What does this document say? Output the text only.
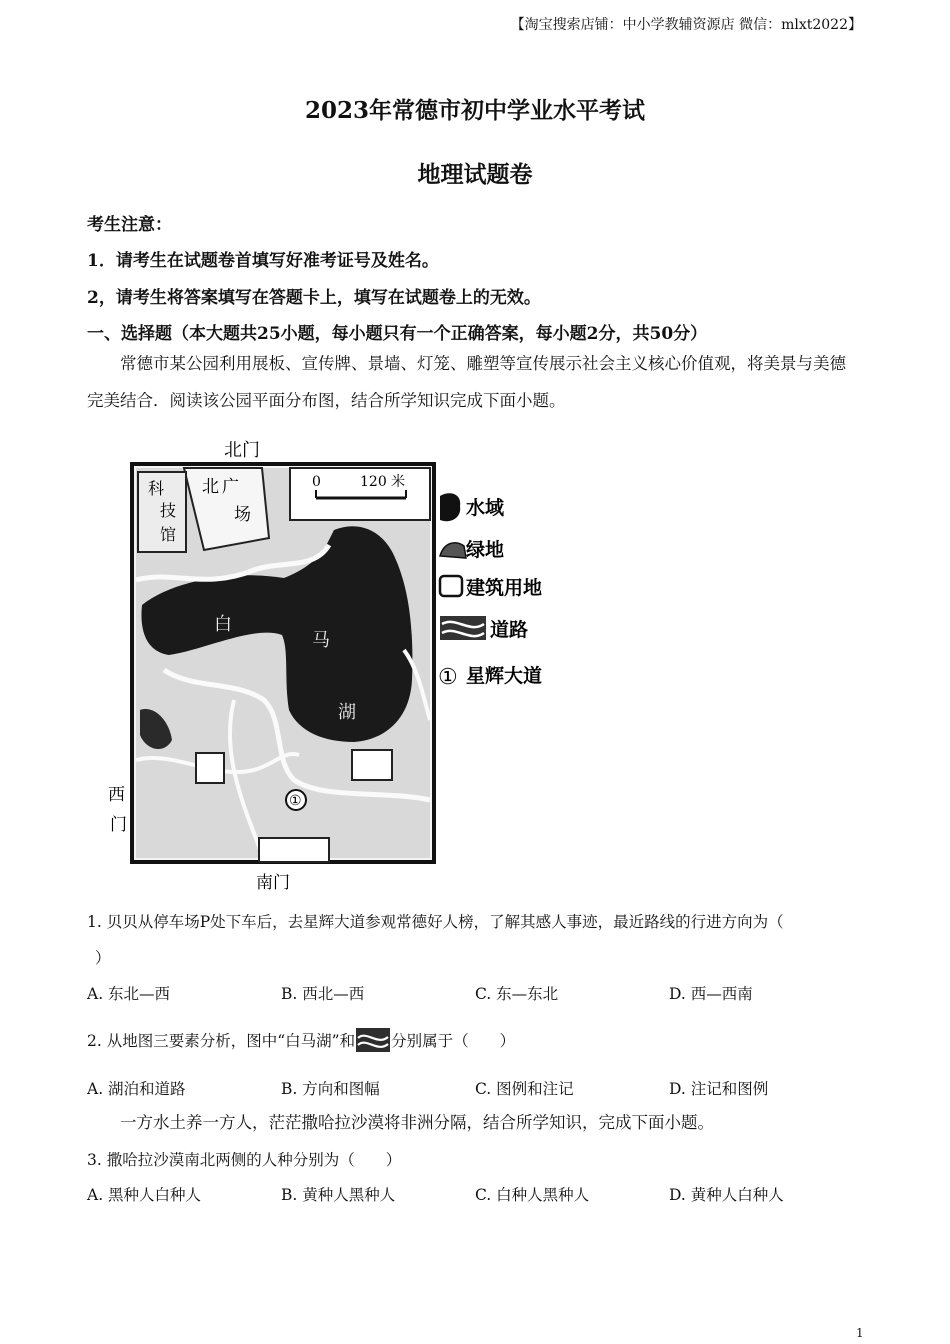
【淘宝搜索店铺：中小学教辅资源店 微信：mlxt2022】
2023年常德市初中学业水平考试
地理试题卷
考生注意：
1．请考生在试题卷首填写好准考证号及姓名。
2，请考生将答案填写在答题卡上，填写在试题卷上的无效。
一、选择题（本大题共25小题，每小题只有一个正确答案，每小题2分，共50分）
常德市某公园利用展板、宣传牌、景墙、灯笼、雕塑等宣传展示社会主义核心价值观，将美景与美德完美结合．阅读该公园平面分布图，结合所学知识完成下面小题。
北门
北 广
场
科
技
馆
白
马
湖
西
门
南门
0	120 米
①
水域
绿地
建筑用地
道路
① 星辉大道
1. 贝贝从停车场P处下车后，去星辉大道参观常德好人榜，了解其感人事迹，最近路线的行进方向为（
）
A. 东北—西	B. 西北—西	C. 东—东北	D. 西—西南
2. 从地图三要素分析，图中“白马湖”和 分别属于（　　）
A. 湖泊和道路	B. 方向和图幅	C. 图例和注记	D. 注记和图例
一方水土养一方人，茫茫撒哈拉沙漠将非洲分隔，结合所学知识，完成下面小题。
3. 撒哈拉沙漠南北两侧的人种分别为（　　）
A. 黑种人白种人	B. 黄种人黑种人	C. 白种人黑种人	D. 黄种人白种人
1
